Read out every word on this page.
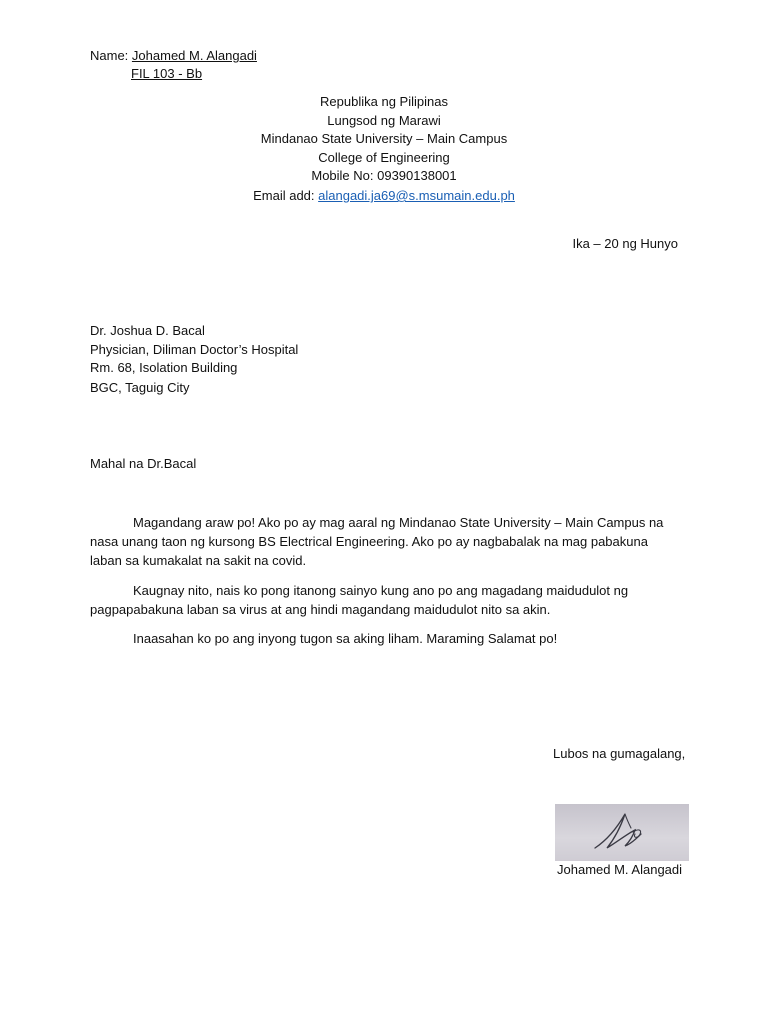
Name: Johamed M. Alangadi
FIL 103 - Bb
Republika ng Pilipinas
Lungsod ng Marawi
Mindanao State University – Main Campus
College of Engineering
Mobile No: 09390138001
Email add: alangadi.ja69@s.msumain.edu.ph
Ika – 20 ng Hunyo
Dr. Joshua D. Bacal
Physician, Diliman Doctor’s Hospital
Rm. 68, Isolation Building
BGC, Taguig City
Mahal na Dr.Bacal
Magandang araw po! Ako po ay mag aaral ng Mindanao State University – Main Campus na nasa unang taon ng kursong BS Electrical Engineering. Ako po ay nagbabalak na mag pabakuna laban sa kumakalat na sakit na covid.
Kaugnay nito, nais ko pong itanong sainyo kung ano po ang magadang maidudulot ng pagpapabakuna laban sa virus at ang hindi magandang maidudulot nito sa akin.
Inaasahan ko po ang inyong tugon sa aking liham. Maraming Salamat po!
Lubos na gumagalang,
Johamed M. Alangadi
